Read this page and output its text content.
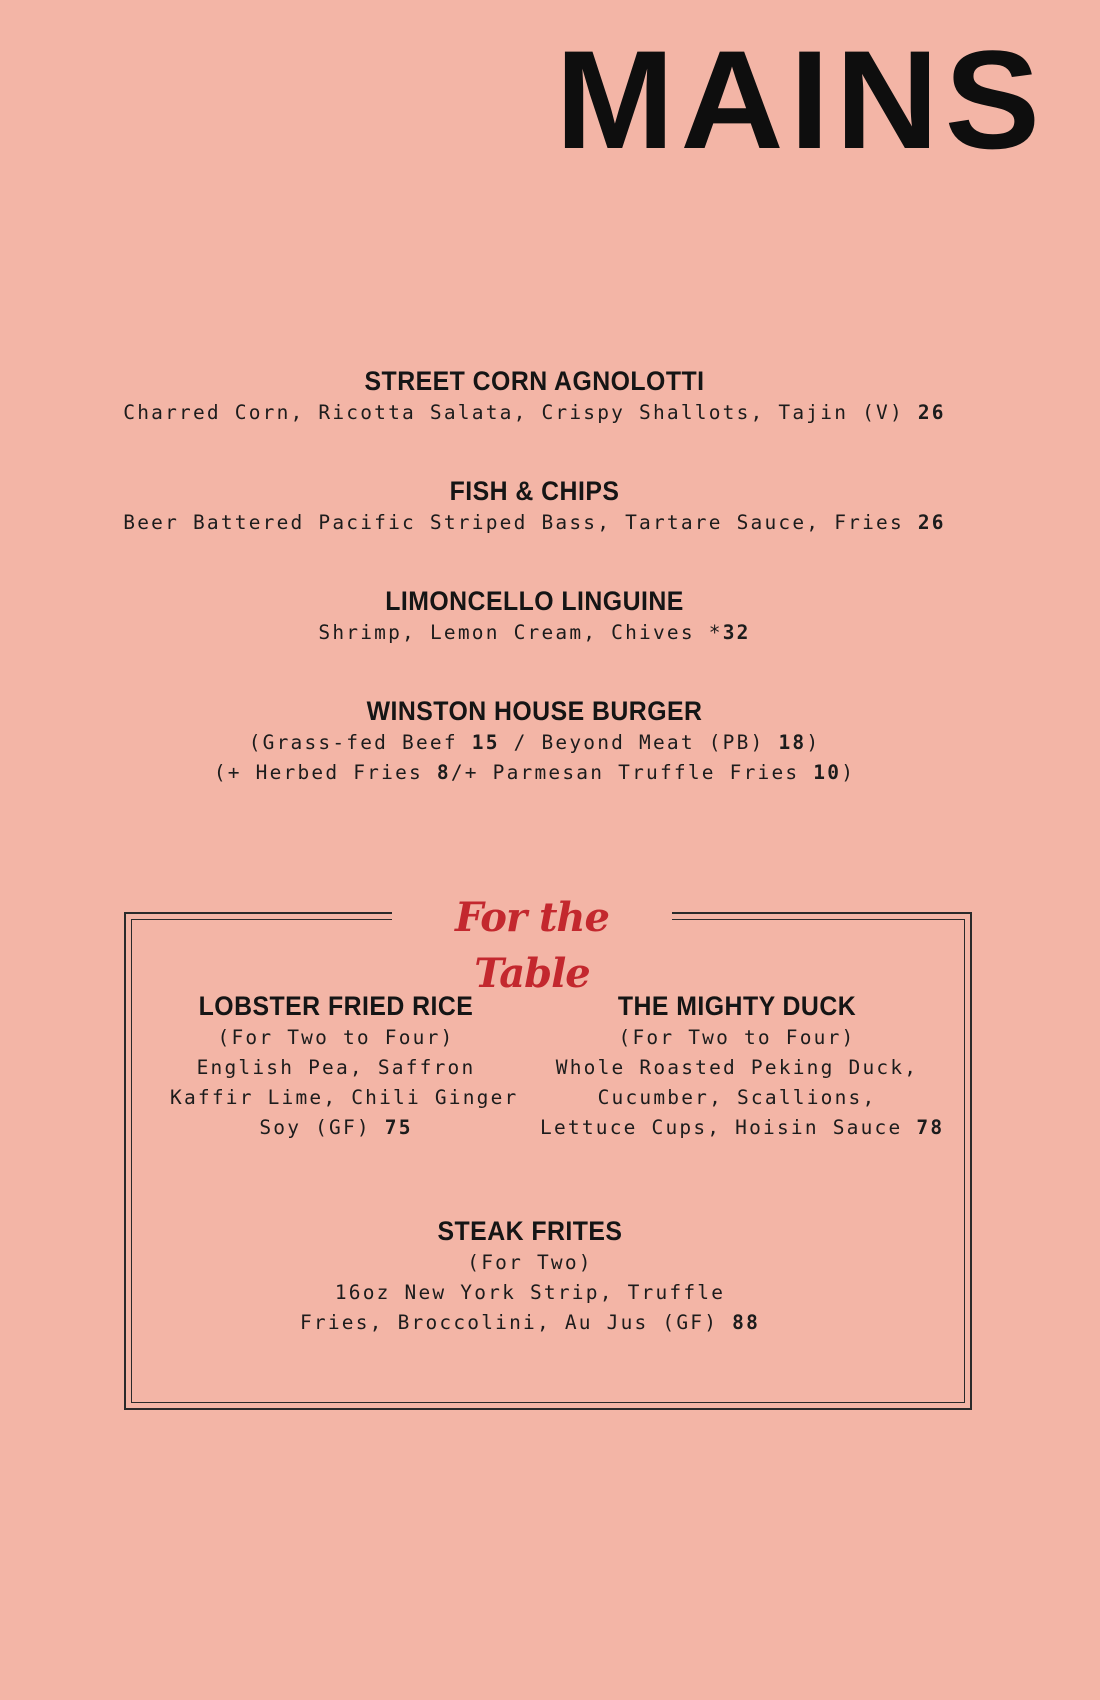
MAINS
STREET CORN AGNOLOTTI
Charred Corn, Ricotta Salata, Crispy Shallots, Tajin (V) 26
FISH & CHIPS
Beer Battered Pacific Striped Bass, Tartare Sauce, Fries 26
LIMONCELLO LINGUINE
Shrimp, Lemon Cream, Chives *32
WINSTON HOUSE BURGER
(Grass-fed Beef 15 / Beyond Meat (PB) 18)
(+ Herbed Fries 8/+ Parmesan Truffle Fries 10)
For the Table
LOBSTER FRIED RICE
(For Two to Four)
English Pea, Saffron
Kaffir Lime, Chili Ginger
Soy (GF) 75
THE MIGHTY DUCK
(For Two to Four)
Whole Roasted Peking Duck,
Cucumber, Scallions,
Lettuce Cups, Hoisin Sauce 78
STEAK FRITES
(For Two)
16oz New York Strip, Truffle
Fries, Broccolini, Au Jus (GF) 88
